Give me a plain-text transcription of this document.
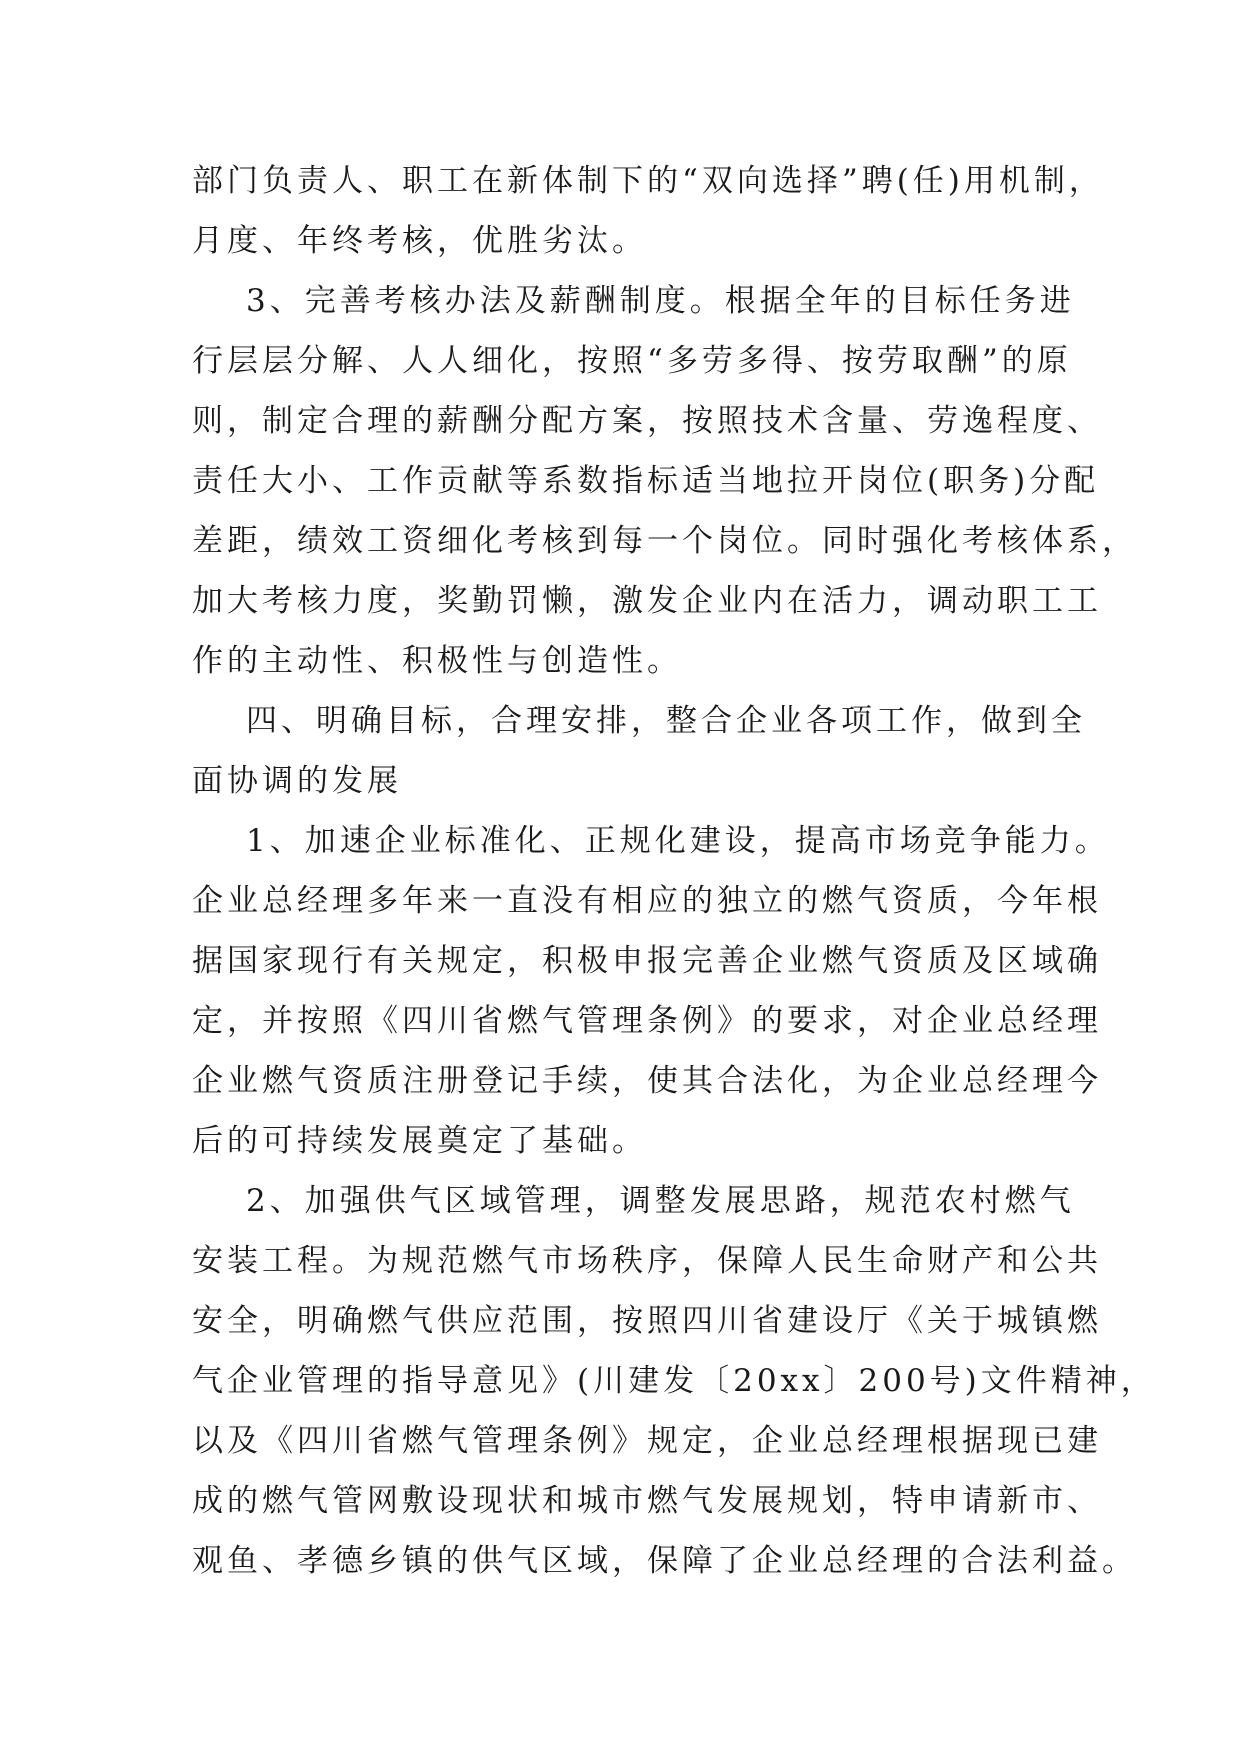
部门负责人、职工在新体制下的“双向选择”聘(任)用机制，
月度、年终考核，优胜劣汰。
3、完善考核办法及薪酬制度。根据全年的目标任务进
行层层分解、人人细化，按照“多劳多得、按劳取酬”的原
则，制定合理的薪酬分配方案，按照技术含量、劳逸程度、
责任大小、工作贡献等系数指标适当地拉开岗位(职务)分配
差距，绩效工资细化考核到每一个岗位。同时强化考核体系，
加大考核力度，奖勤罚懒，激发企业内在活力，调动职工工
作的主动性、积极性与创造性。
四、明确目标，合理安排，整合企业各项工作，做到全
面协调的发展
1、加速企业标准化、正规化建设，提高市场竞争能力。
企业总经理多年来一直没有相应的独立的燃气资质，今年根
据国家现行有关规定，积极申报完善企业燃气资质及区域确
定，并按照《四川省燃气管理条例》的要求，对企业总经理
企业燃气资质注册登记手续，使其合法化，为企业总经理今
后的可持续发展奠定了基础。
2、加强供气区域管理，调整发展思路，规范农村燃气
安装工程。为规范燃气市场秩序，保障人民生命财产和公共
安全，明确燃气供应范围，按照四川省建设厅《关于城镇燃
气企业管理的指导意见》(川建发〔20xx〕200号)文件精神，
以及《四川省燃气管理条例》规定，企业总经理根据现已建
成的燃气管网敷设现状和城市燃气发展规划，特申请新市、
观鱼、孝德乡镇的供气区域，保障了企业总经理的合法利益。
